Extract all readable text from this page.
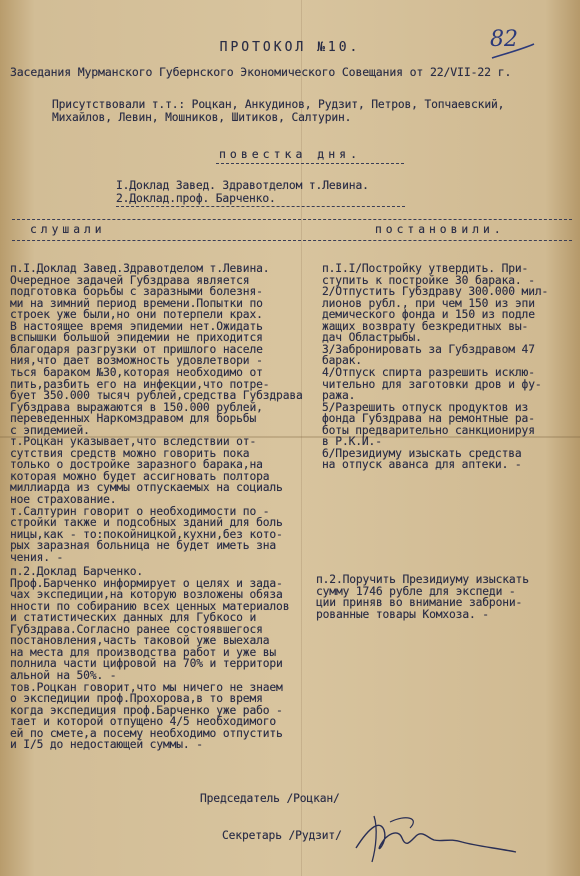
82
ПРОТОКОЛ №10.
Заседания Мурманского Губернского Экономического Совещания от 22/VII-22 г.
Присутствовали т.т.: Роцкан, Анкудинов, Рудзит, Петров, Топчаевский,
Михайлов, Левин, Мошников, Шитиков, Салтурин.
повестка дня.
I.Доклад Завед. Здравотделом т.Левина.
2.Доклад.проф. Барченко.
слушали	постановили.
п.I.Доклад Завед.Здравотделом т.Левина.
Очередное задачей Губздрава является
подготовка борьбы с заразными болезня-
ми на зимний период времени.Попытки по
строек уже были,но они потерпели крах.
В настоящее время эпидемии нет.Ожидать
вспышки большой эпидемии не приходится
благодаря разгрузки от пришлого населе
ния,что дает возможность удовлетвори -
ться бараком №30,которая необходимо от
пить,разбить его на инфекции,что потре-
бует 350.000 тысяч рублей,средства Губздрава
Губздрава выражаются в 150.000 рублей,
переведенных Наркомздравом для борьбы
с эпидемией.
т.Роцкан указывает,что вследствии от-
сутствия средств можно говорить пока
только о достройке заразного барака,на
которая можно будет ассигновать полтора
миллиарда из суммы отпускаемых на социаль
ное страхование.
т.Салтурин говорит о необходимости по -
стройки также и подсобных зданий для боль
ницы,как - то:покойницкой,кухни,без кото-
рых заразная больница не будет иметь зна
чения. -
п.I.I/Постройку утвердить. При-
ступить к постройке 30 барака. -
2/Отпустить Губздраву 300.000 мил-
лионов рубл., при чем 150 из эпи
демического фонда и 150 из подле
жащих возврату безкредитных вы-
дач Областрыбы.
3/Забронировать за Губздравом 47
барак.
4/Отпуск спирта разрешить исклю-
чительно для заготовки дров и фу-
ража.
5/Разрешить отпуск продуктов из
фонда Губздрава на ремонтные ра-
боты предварительно санкционируя
в Р.К.И.-
6/Президиуму изыскать средства
на отпуск аванса для аптеки. -
п.2.Доклад Барченко.
Проф.Барченко информирует о целях и зада-
чах экспедиции,на которую возложены обяза
нности по собиранию всех ценных материалов
и статистических данных для Губкосо и
Губздрава.Согласно ранее состоявшегося
постановления,часть таковой уже выехала
на места для производства работ и уже вы
полнила части цифровой на 70% и территори
альной на 50%. -
тов.Роцкан говорит,что мы ничего не знаем
о экспедиции проф.Прохорова,в то время
когда экспедиция проф.Барченко уже рабо -
тает и которой отпущено 4/5 необходимого
ей по смете,а посему необходимо отпустить
и I/5 до недостающей суммы. -
п.2.Поручить Президиуму изыскать
сумму 1746 рубле для экспеди -
ции приняв во внимание заброни-
рованные товары Комхоза. -
Председатель /Роцкан/
Секретарь /Рудзит/
